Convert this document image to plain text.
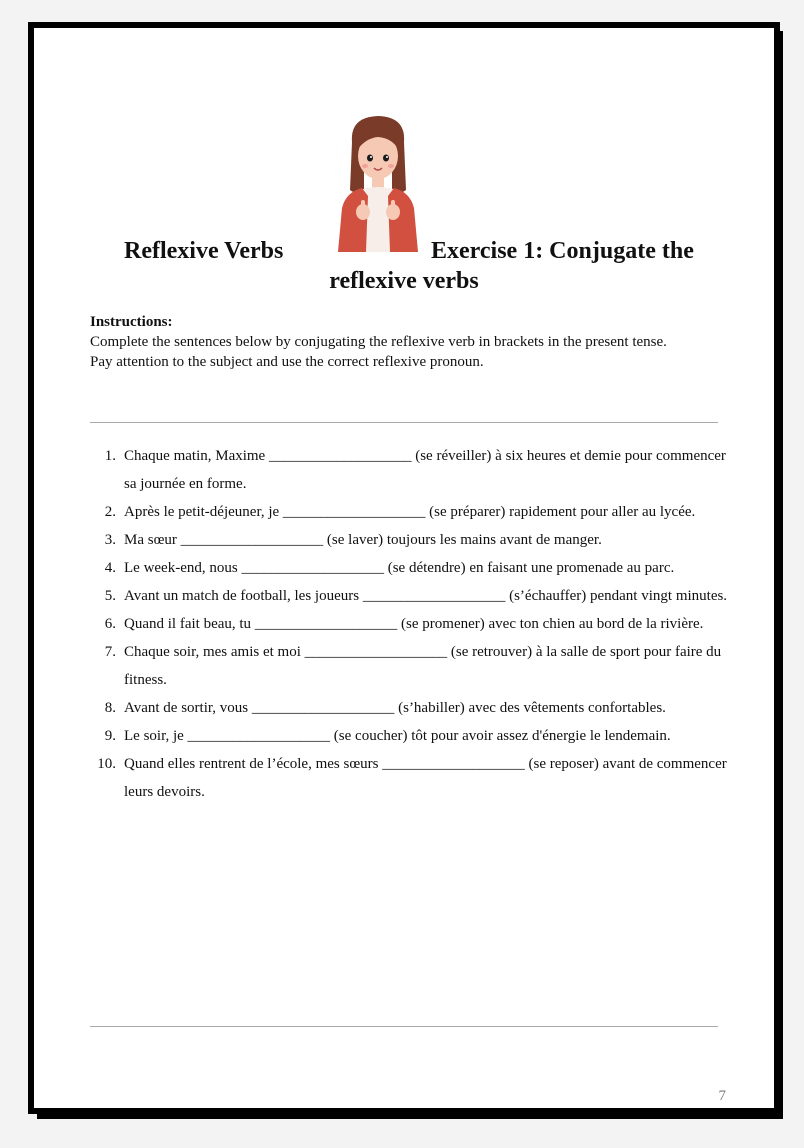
Reflexive Verbs	Exercise 1: Conjugate the
reflexive verbs
Instructions:
Complete the sentences below by conjugating the reflexive verb in brackets in the present tense.
Pay attention to the subject and use the correct reflexive pronoun.
1. Chaque matin, Maxime ___________________ (se réveiller) à six heures et demie pour commencer sa journée en forme.
2. Après le petit-déjeuner, je ___________________ (se préparer) rapidement pour aller au lycée.
3. Ma sœur ___________________ (se laver) toujours les mains avant de manger.
4. Le week-end, nous ___________________ (se détendre) en faisant une promenade au parc.
5. Avant un match de football, les joueurs ___________________ (s’échauffer) pendant vingt minutes.
6. Quand il fait beau, tu ___________________ (se promener) avec ton chien au bord de la rivière.
7. Chaque soir, mes amis et moi ___________________ (se retrouver) à la salle de sport pour faire du fitness.
8. Avant de sortir, vous ___________________ (s’habiller) avec des vêtements confortables.
9. Le soir, je ___________________ (se coucher) tôt pour avoir assez d'énergie le lendemain.
10. Quand elles rentrent de l’école, mes sœurs ___________________ (se reposer) avant de commencer leurs devoirs.
7
